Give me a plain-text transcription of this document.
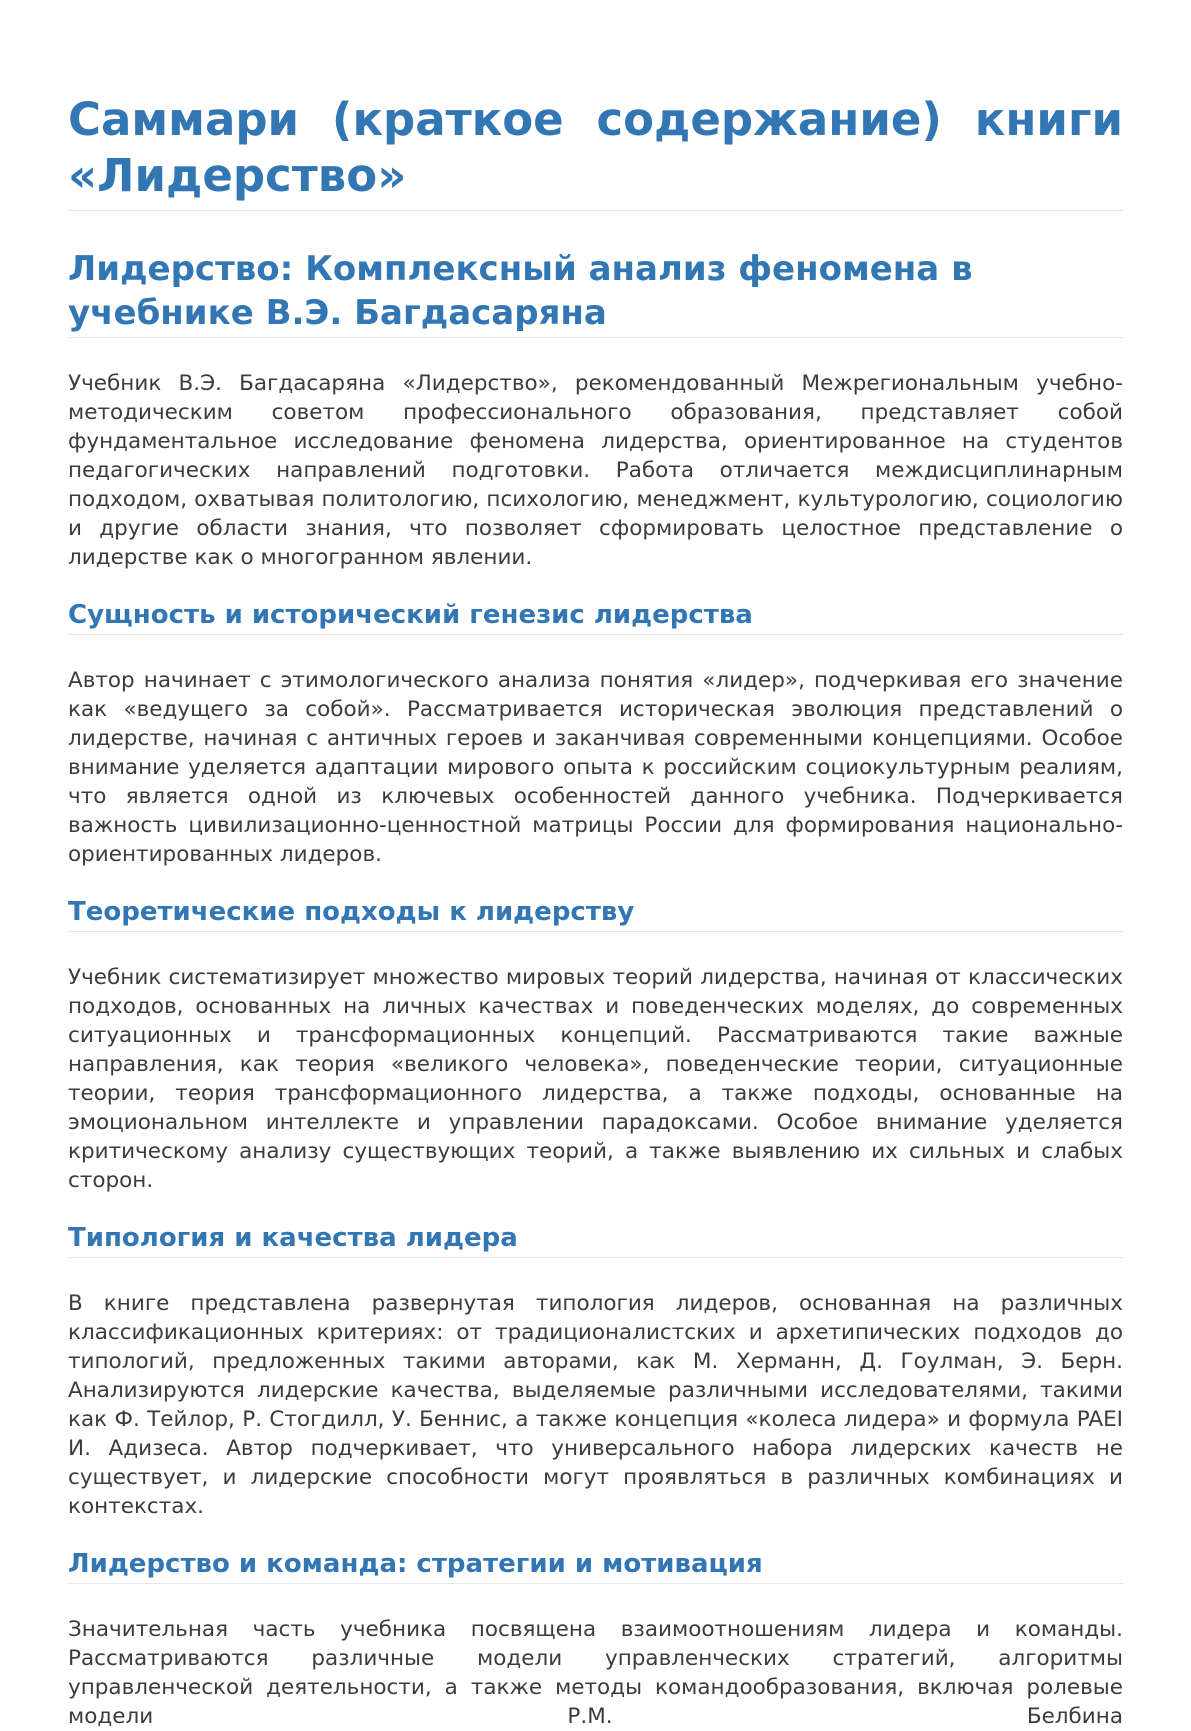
Саммари (краткое содержание) книги «Лидерство»
Лидерство: Комплексный анализ феномена в учебнике В.Э. Багдасаряна

Учебник В.Э. Багдасаряна «Лидерство», рекомендованный Межрегиональным учебно-методическим советом профессионального образования, представляет собой фундаментальное исследование феномена лидерства, ориентированное на студентов педагогических направлений подготовки. Работа отличается междисциплинарным подходом, охватывая политологию, психологию, менеджмент, культурологию, социологию и другие области знания, что позволяет сформировать целостное представление о лидерстве как о многогранном явлении.

Сущность и исторический генезис лидерства

Автор начинает с этимологического анализа понятия «лидер», подчеркивая его значение как «ведущего за собой». Рассматривается историческая эволюция представлений о лидерстве, начиная с античных героев и заканчивая современными концепциями. Особое внимание уделяется адаптации мирового опыта к российским социокультурным реалиям, что является одной из ключевых особенностей данного учебника. Подчеркивается важность цивилизационно-ценностной матрицы России для формирования национально-ориентированных лидеров.

Теоретические подходы к лидерству

Учебник систематизирует множество мировых теорий лидерства, начиная от классических подходов, основанных на личных качествах и поведенческих моделях, до современных ситуационных и трансформационных концепций. Рассматриваются такие важные направления, как теория «великого человека», поведенческие теории, ситуационные теории, теория трансформационного лидерства, а также подходы, основанные на эмоциональном интеллекте и управлении парадоксами. Особое внимание уделяется критическому анализу существующих теорий, а также выявлению их сильных и слабых сторон.

Типология и качества лидера

В книге представлена развернутая типология лидеров, основанная на различных классификационных критериях: от традиционалистских и архетипических подходов до типологий, предложенных такими авторами, как М. Херманн, Д. Гоулман, Э. Берн. Анализируются лидерские качества, выделяемые различными исследователями, такими как Ф. Тейлор, Р. Стогдилл, У. Беннис, а также концепция «колеса лидера» и формула PAEI И. Адизеса. Автор подчеркивает, что универсального набора лидерских качеств не существует, и лидерские способности могут проявляться в различных комбинациях и контекстах.

Лидерство и команда: стратегии и мотивация

Значительная часть учебника посвящена взаимоотношениям лидера и команды. Рассматриваются различные модели управленческих стратегий, алгоритмы управленческой деятельности, а также методы командообразования, включая ролевые модели Р.М. Белбина
